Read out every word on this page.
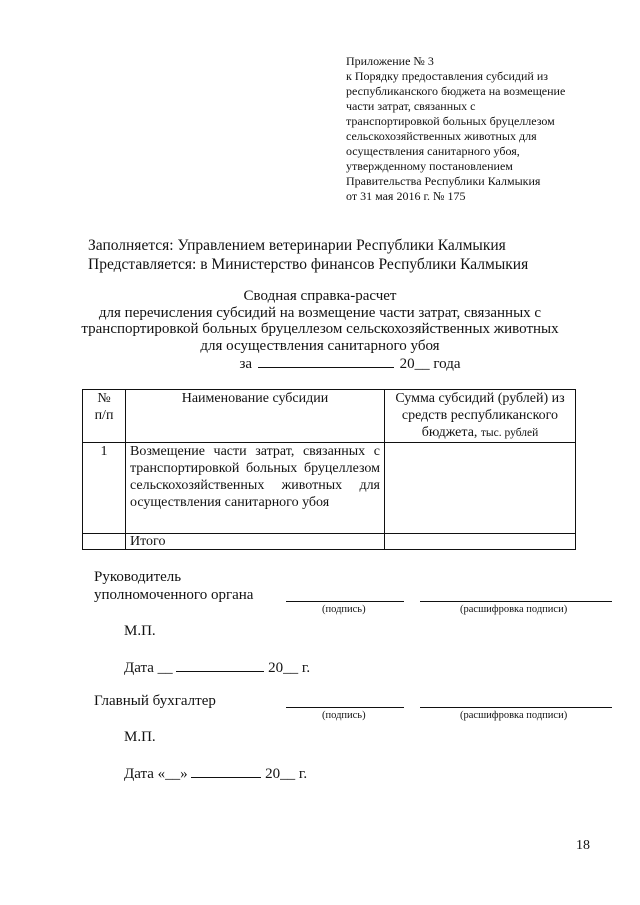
Приложение № 3
к Порядку предоставления субсидий из
республиканского бюджета на возмещение
части затрат, связанных с
транспортировкой больных бруцеллезом
сельскохозяйственных животных для
осуществления санитарного убоя,
утвержденному постановлением
Правительства Республики Калмыкия
от 31 мая 2016 г. № 175
Заполняется: Управлением ветеринарии Республики Калмыкия
Представляется: в Министерство финансов Республики Калмыкия
Сводная справка-расчет
для перечисления субсидий на возмещение части затрат, связанных с
транспортировкой больных бруцеллезом сельскохозяйственных животных
для осуществления санитарного убоя
за	20__ года
№
п/п	Наименование субсидии	Сумма субсидий (рублей) из средств республиканского бюджета, тыс. рублей
1	Возмещение части затрат, связанных с транспортировкой больных бруцеллезом сельскохозяйственных животных для осуществления санитарного убоя	
	Итого	
Руководитель
уполномоченного органа
(подпись)	(расшифровка подписи)
М.П.
Дата __	20__ г.
Главный бухгалтер
(подпись)	(расшифровка подписи)
М.П.
Дата «__»	20__ г.
18
